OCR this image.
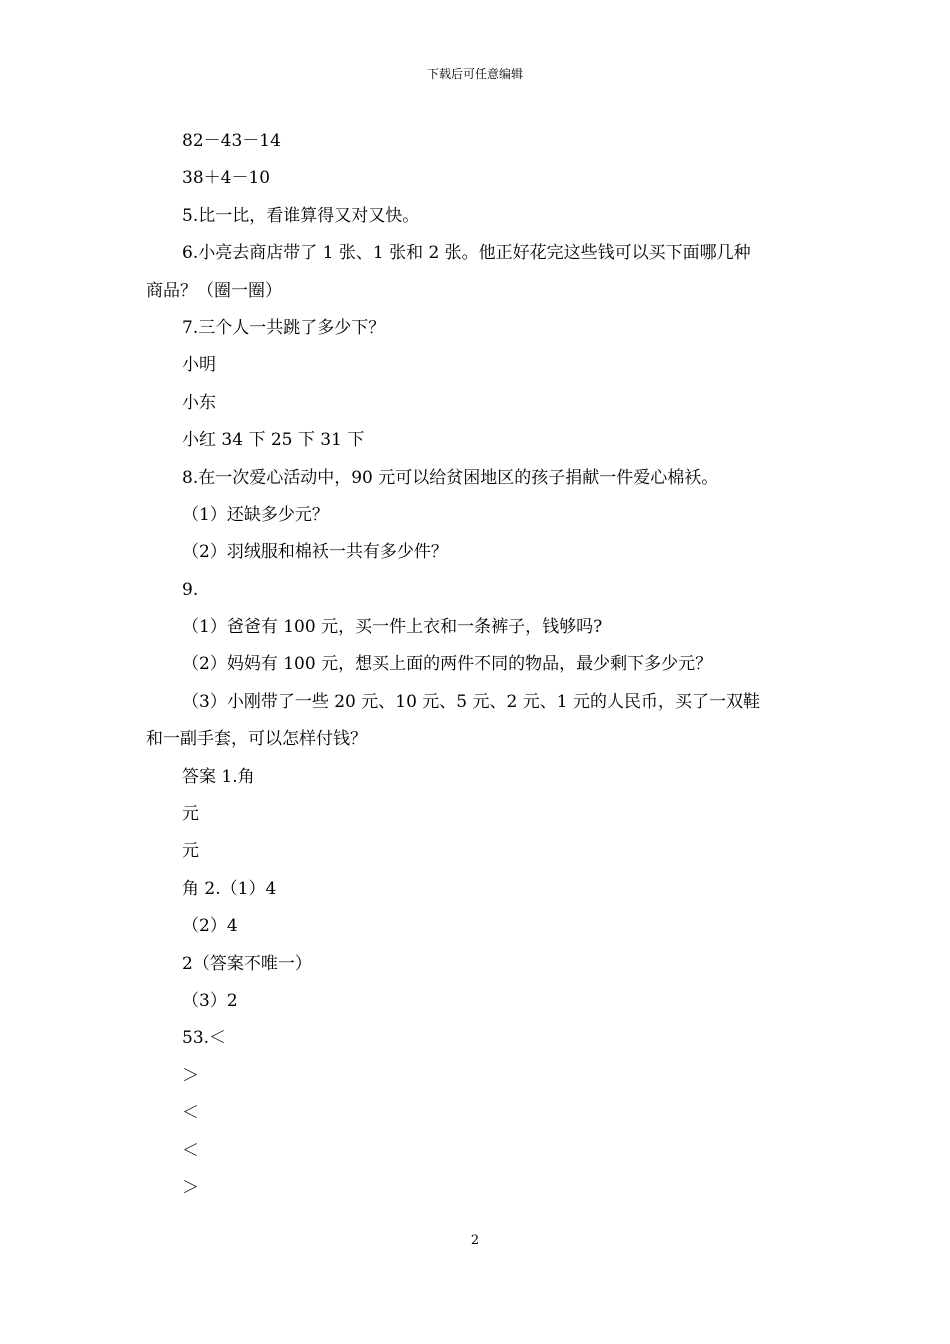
下载后可任意编辑
82－43－14
38＋4－10
5.比一比，看谁算得又对又快。
6.小亮去商店带了 1 张、1 张和 2 张。他正好花完这些钱可以买下面哪几种
商品？（圈一圈）
7.三个人一共跳了多少下？
小明
小东
小红 34 下 25 下 31 下
8.在一次爱心活动中，90 元可以给贫困地区的孩子捐献一件爱心棉袄。
（1）还缺多少元？
（2）羽绒服和棉袄一共有多少件？
9.
（1）爸爸有 100 元，买一件上衣和一条裤子，钱够吗?
（2）妈妈有 100 元，想买上面的两件不同的物品，最少剩下多少元？
（3）小刚带了一些 20 元、10 元、5 元、2 元、1 元的人民币，买了一双鞋
和一副手套，可以怎样付钱？
答案 1.角
元
元
角 2.（1）4
（2）4
2（答案不唯一）
（3）2
53.＜
＞
＜
＜
＞
2
